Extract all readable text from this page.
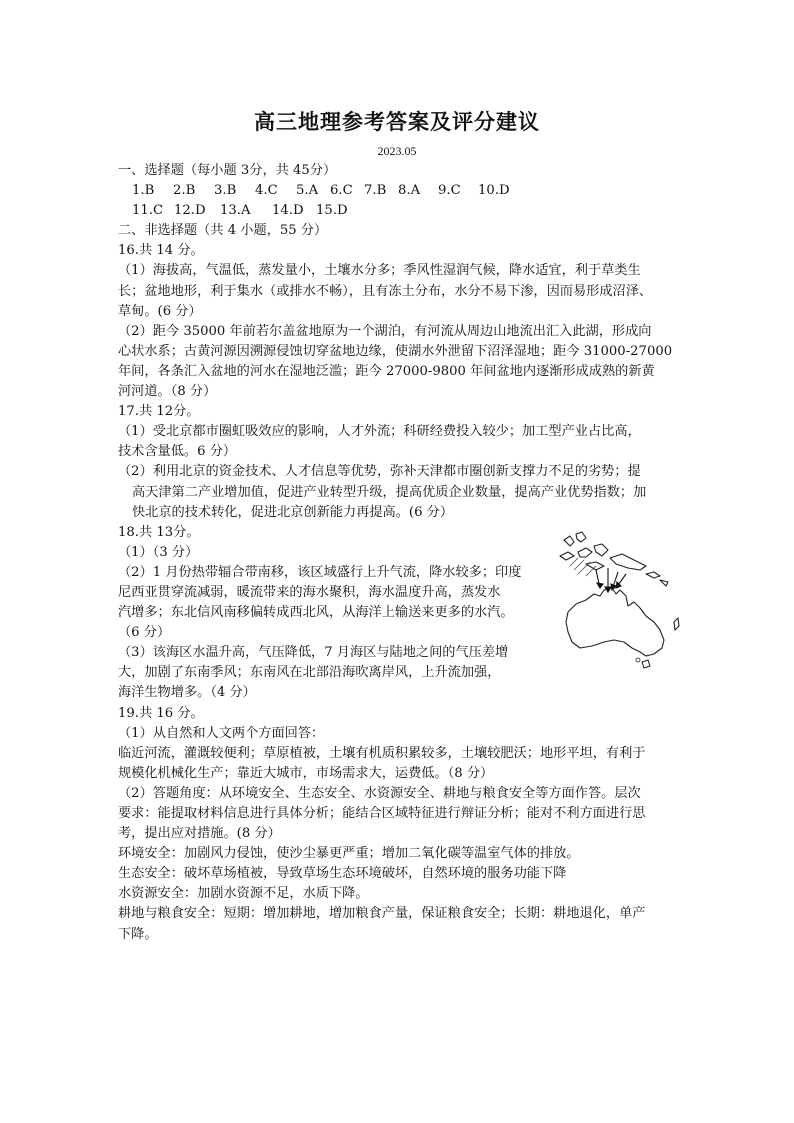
高三地理参考答案及评分建议
2023.05
一、选择题（每小题 3分，共 45分）
1.B	2.B	3.B	4.C	5.A 6.C 7.B 8.A	9.C	10.D
11.C 12.D	13.A	14.D 15.D
二、非选择题（共 4 小题，55 分）
16.共 14 分。
（1）海拔高，气温低，蒸发量小，土壤水分多；季风性湿润气候，降水适宜，利于草类生
长；盆地地形，利于集水（或排水不畅），且有冻土分布，水分不易下渗，因而易形成沼泽、
草甸。(6 分）
（2）距今 35000 年前若尔盖盆地原为一个湖泊，有河流从周边山地流出汇入此湖，形成向
心状水系；古黄河源因溯源侵蚀切穿盆地边缘，使湖水外泄留下沼泽湿地；距今 31000-27000
年间，各条汇入盆地的河水在湿地泛滥；距今 27000-9800 年间盆地内逐渐形成成熟的新黄
河河道。（8 分）
17.共 12分。
（1）受北京都市圈虹吸效应的影响，人才外流；科研经费投入较少；加工型产业占比高，
技术含量低。6 分）
（2）利用北京的资金技术、人才信息等优势，弥补天津都市圈创新支撑力不足的劣势；提
高天津第二产业增加值，促进产业转型升级，提高优质企业数量，提高产业优势指数；加
快北京的技术转化，促进北京创新能力再提高。(6 分）
18.共 13分。
（1）（3 分）
（2）1 月份热带辐合带南移，该区域盛行上升气流，降水较多；印度
尼西亚贯穿流减弱，暖流带来的海水聚积，海水温度升高，蒸发水
汽增多；东北信风南移偏转成西北风，从海洋上输送来更多的水汽。
（6 分）
（3）该海区水温升高，气压降低，7 月海区与陆地之间的气压差增
大，加剧了东南季风；东南风在北部沿海吹离岸风，上升流加强，
海洋生物增多。（4 分）
19.共 16 分。
（1）从自然和人文两个方面回答：
临近河流，灌溉较便利；草原植被，土壤有机质积累较多，土壤较肥沃；地形平坦，有利于
规模化机械化生产；靠近大城市，市场需求大，运费低。（8 分）
（2）答题角度：从环境安全、生态安全、水资源安全、耕地与粮食安全等方面作答。层次
要求：能提取材料信息进行具体分析；能结合区域特征进行辩证分析；能对不利方面进行思
考，提出应对措施。(8 分）
环境安全：加剧风力侵蚀，使沙尘暴更严重；增加二氧化碳等温室气体的排放。
生态安全：破坏草场植被，导致草场生态环境破坏，自然环境的服务功能下降
水资源安全：加剧水资源不足，水质下降。
耕地与粮食安全：短期：增加耕地，增加粮食产量，保证粮食安全；长期：耕地退化，单产
下降。
